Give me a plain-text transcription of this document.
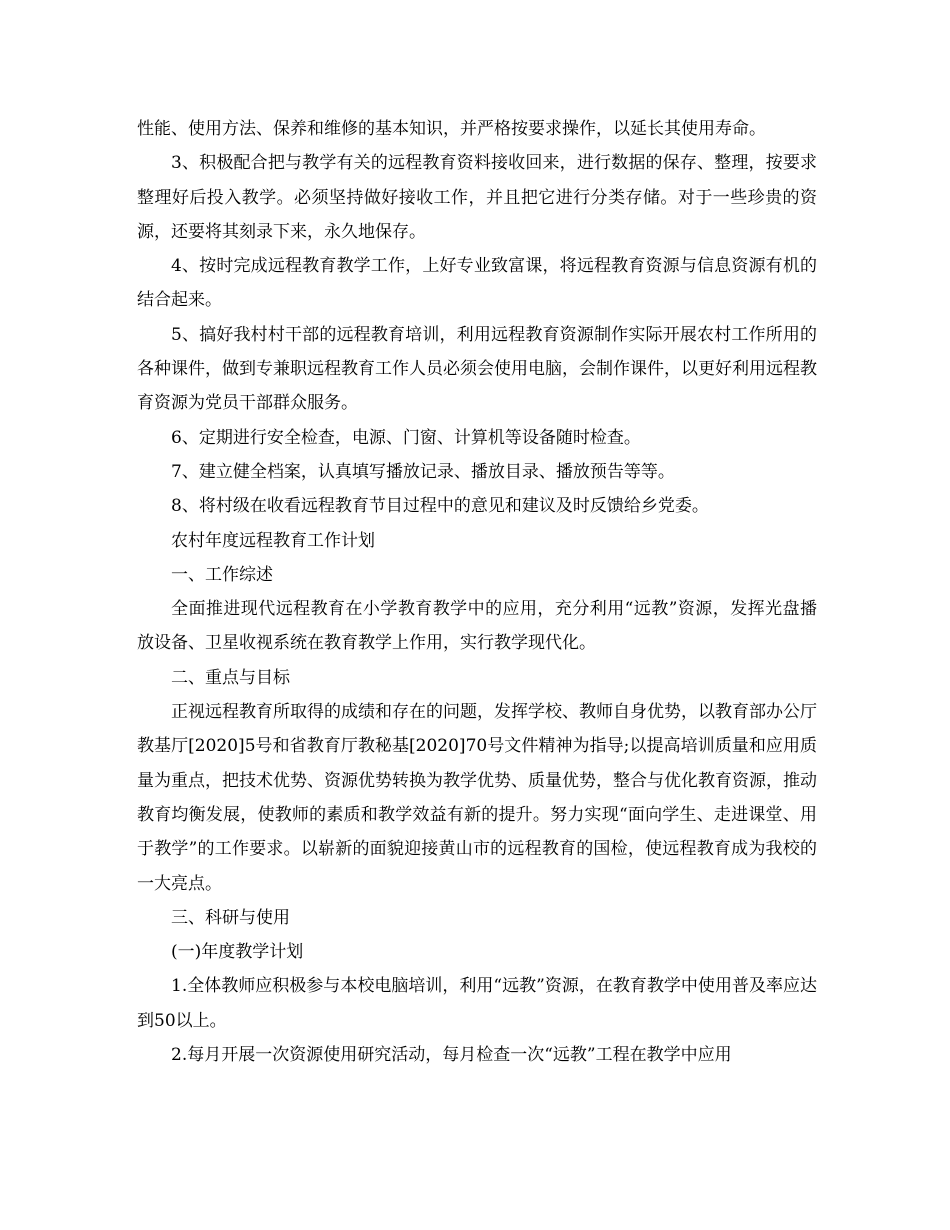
性能、使用方法、保养和维修的基本知识，并严格按要求操作，以延长其使用寿命。

3、积极配合把与教学有关的远程教育资料接收回来，进行数据的保存、整理，按要求整理好后投入教学。必须坚持做好接收工作，并且把它进行分类存储。对于一些珍贵的资源，还要将其刻录下来，永久地保存。

4、按时完成远程教育教学工作，上好专业致富课，将远程教育资源与信息资源有机的结合起来。

5、搞好我村村干部的远程教育培训，利用远程教育资源制作实际开展农村工作所用的各种课件，做到专兼职远程教育工作人员必须会使用电脑，会制作课件，以更好利用远程教育资源为党员干部群众服务。

6、定期进行安全检查，电源、门窗、计算机等设备随时检查。

7、建立健全档案，认真填写播放记录、播放目录、播放预告等等。

8、将村级在收看远程教育节目过程中的意见和建议及时反馈给乡党委。

农村年度远程教育工作计划

一、工作综述

全面推进现代远程教育在小学教育教学中的应用，充分利用“远教”资源，发挥光盘播放设备、卫星收视系统在教育教学上作用，实行教学现代化。

二、重点与目标

正视远程教育所取得的成绩和存在的问题，发挥学校、教师自身优势，以教育部办公厅教基厅[2020]5号和省教育厅教秘基[2020]70号文件精神为指导;以提高培训质量和应用质量为重点，把技术优势、资源优势转换为教学优势、质量优势，整合与优化教育资源，推动教育均衡发展，使教师的素质和教学效益有新的提升。努力实现“面向学生、走进课堂、用于教学”的工作要求。以崭新的面貌迎接黄山市的远程教育的国检，使远程教育成为我校的一大亮点。

三、科研与使用

(一)年度教学计划

1.全体教师应积极参与本校电脑培训，利用“远教”资源，在教育教学中使用普及率应达到50以上。

2.每月开展一次资源使用研究活动，每月检查一次“远教”工程在教学中应用
